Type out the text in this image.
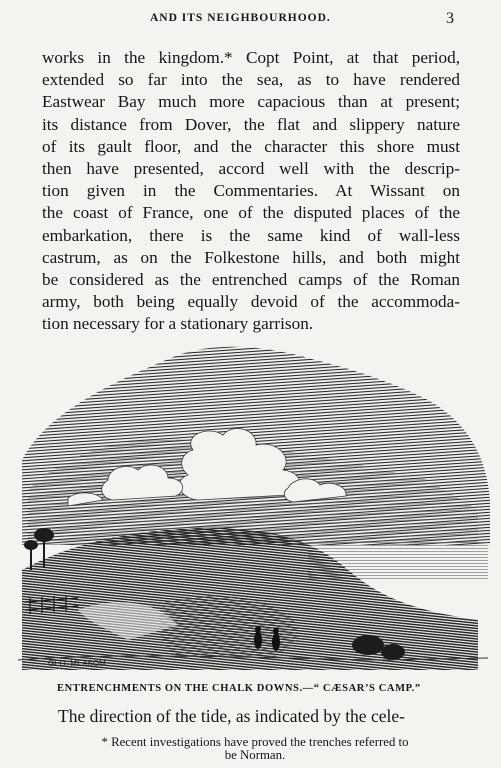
AND ITS NEIGHBOURHOOD.	3
works in the kingdom.* Copt Point, at that period,
extended so far into the sea, as to have rendered
Eastwear Bay much more capacious than at present;
its distance from Dover, the flat and slippery nature
of its gault floor, and the character this shore must
then have presented, accord well with the descrip-
tion given in the Commentaries. At Wissant on
the coast of France, one of the disputed places of the
embarkation, there is the same kind of wall-less
castrum, as on the Folkestone hills, and both might
be considered as the entrenched camps of the Roman
army, both being equally devoid of the accommoda-
tion necessary for a stationary garrison.
GEO. MEASOM
ENTRENCHMENTS ON THE CHALK DOWNS.—“ CÆSAR’S CAMP.”
The direction of the tide, as indicated by the cele-
* Recent investigations have proved the trenches referred to
be Norman.
